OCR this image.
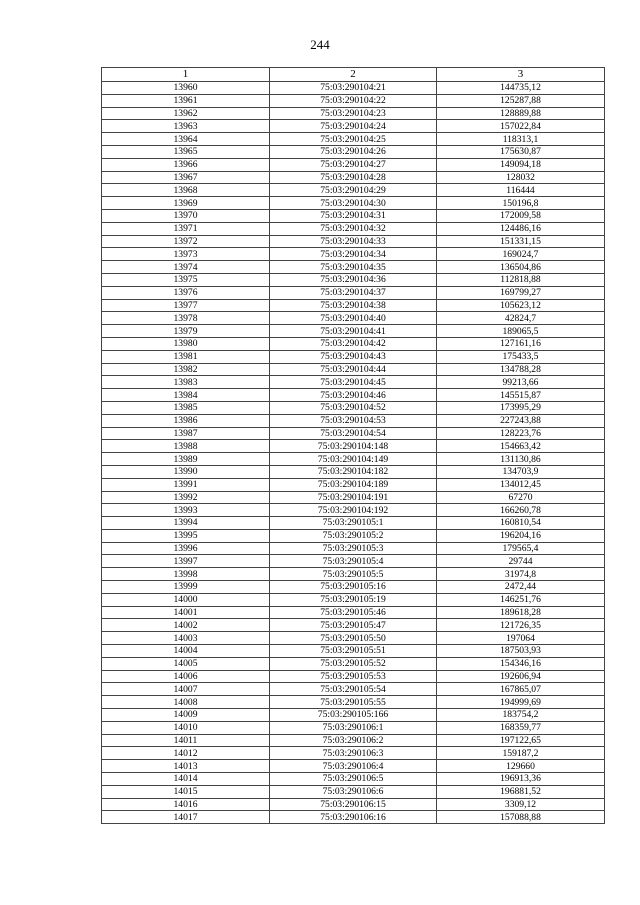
244
1	2	3
13960	75:03:290104:21	144735,12
13961	75:03:290104:22	125287,88
13962	75:03:290104:23	128889,88
13963	75:03:290104:24	157022,84
13964	75:03:290104:25	118313,1
13965	75:03:290104:26	175630,87
13966	75:03:290104:27	149094,18
13967	75:03:290104:28	128032
13968	75:03:290104:29	116444
13969	75:03:290104:30	150196,8
13970	75:03:290104:31	172009,58
13971	75:03:290104:32	124486,16
13972	75:03:290104:33	151331,15
13973	75:03:290104:34	169024,7
13974	75:03:290104:35	136504,86
13975	75:03:290104:36	112818,88
13976	75:03:290104:37	169799,27
13977	75:03:290104:38	105623,12
13978	75:03:290104:40	42824,7
13979	75:03:290104:41	189065,5
13980	75:03:290104:42	127161,16
13981	75:03:290104:43	175433,5
13982	75:03:290104:44	134788,28
13983	75:03:290104:45	99213,66
13984	75:03:290104:46	145515,87
13985	75:03:290104:52	173995,29
13986	75:03:290104:53	227243,88
13987	75:03:290104:54	128223,76
13988	75:03:290104:148	154663,42
13989	75:03:290104:149	131130,86
13990	75:03:290104:182	134703,9
13991	75:03:290104:189	134012,45
13992	75:03:290104:191	67270
13993	75:03:290104:192	166260,78
13994	75:03:290105:1	160810,54
13995	75:03:290105:2	196204,16
13996	75:03:290105:3	179565,4
13997	75:03:290105:4	29744
13998	75:03:290105:5	31974,8
13999	75:03:290105:16	2472,44
14000	75:03:290105:19	146251,76
14001	75:03:290105:46	189618,28
14002	75:03:290105:47	121726,35
14003	75:03:290105:50	197064
14004	75:03:290105:51	187503,93
14005	75:03:290105:52	154346,16
14006	75:03:290105:53	192606,94
14007	75:03:290105:54	167865,07
14008	75:03:290105:55	194999,69
14009	75:03:290105:166	183754,2
14010	75:03:290106:1	168359,77
14011	75:03:290106:2	197122,65
14012	75:03:290106:3	159187,2
14013	75:03:290106:4	129660
14014	75:03:290106:5	196913,36
14015	75:03:290106:6	196881,52
14016	75:03:290106:15	3309,12
14017	75:03:290106:16	157088,88
